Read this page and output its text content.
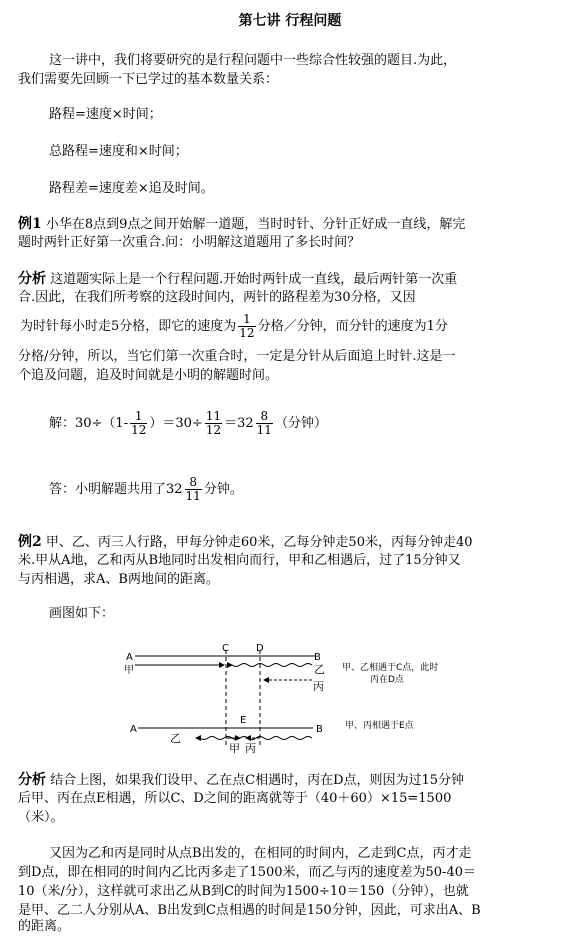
第七讲 行程问题
这一讲中，我们将要研究的是行程问题中一些综合性较强的题目.为此，
我们需要先回顾一下已学过的基本数量关系：
路程=速度×时间；
总路程=速度和×时间；
路程差=速度差×追及时间。
例1 小华在8点到9点之间开始解一道题，当时时针、分针正好成一直线，解完
题时两针正好第一次重合.问：小明解这道题用了多长时间？
分析 这道题实际上是一个行程问题.开始时两针成一直线，最后两针第一次重
合.因此，在我们所考察的这段时间内，两针的路程差为30分格，又因
为时针每小时走5分格，即它的速度为 $\frac{1}{12}$ 分格／分钟，而分针的速度为1分
分格/分钟，所以，当它们第一次重合时，一定是分针从后面追上时针.这是一
个追及问题，追及时间就是小明的解题时间。
解：$30\div(1- \frac{1}{12} )=30\div \frac{11}{12} =32 \frac{8}{11}$ （分钟）
答：小明解题共用了$32 \frac{8}{11}$ 分钟。
例2 甲、乙、丙三人行路，甲每分钟走60米，乙每分钟走50米，丙每分钟走40
米.甲从A地，乙和丙从B地同时出发相向而行，甲和乙相遇后，过了15分钟又
与丙相遇，求A、B两地间的距离。
画图如下：
A
甲
C	D
B
乙
丙
甲、乙相遇于C点，此时
丙在D点
A
E
B
乙
甲 丙
甲、丙相遇于E点
分析 结合上图，如果我们设甲、乙在点C相遇时，丙在D点，则因为过15分钟
后甲、丙在点E相遇，所以C、D之间的距离就等于（40＋60）×15=1500
（米）。
又因为乙和丙是同时从点B出发的，在相同的时间内，乙走到C点，丙才走
到D点，即在相同的时间内乙比丙多走了1500米，而乙与丙的速度差为50-40＝
10（米/分），这样就可求出乙从B到C的时间为1500÷10＝150（分钟），也就
是甲、乙二人分别从A、B出发到C点相遇的时间是150分钟，因此，可求出A、B
的距离。
